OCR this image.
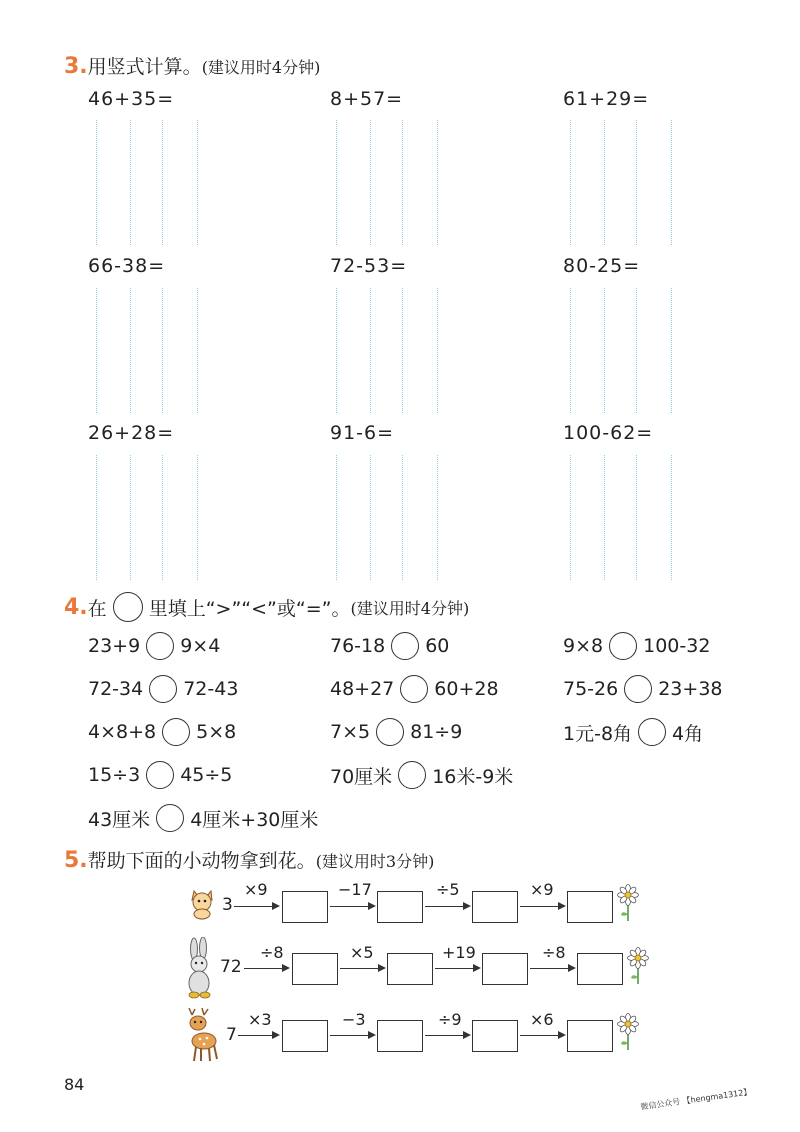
3.用竖式计算。(建议用时4分钟)
46+35=	8+57=	61+29=
66-38=	72-53=	80-25=
26+28=	91-6=	100-62=
4. 在 里填上“>”“<”或“=”。 (建议用时4分钟)
23+9 9×4	76-18 60	9×8 100-32
72-34 72-43	48+27 60+28	75-26 23+38
4×8+8 5×8	7×5 81÷9	1元-8角 4角
15÷3 45÷5	70厘米 16米-9米
43厘米 4厘米+30厘米
5.帮助下面的小动物拿到花。(建议用时3分钟)
3
×9	−17	÷5	×9
72
÷8	×5	+19	÷8
7
×3	−3	÷9	×6
84
微信公众号 【hengma1312】
